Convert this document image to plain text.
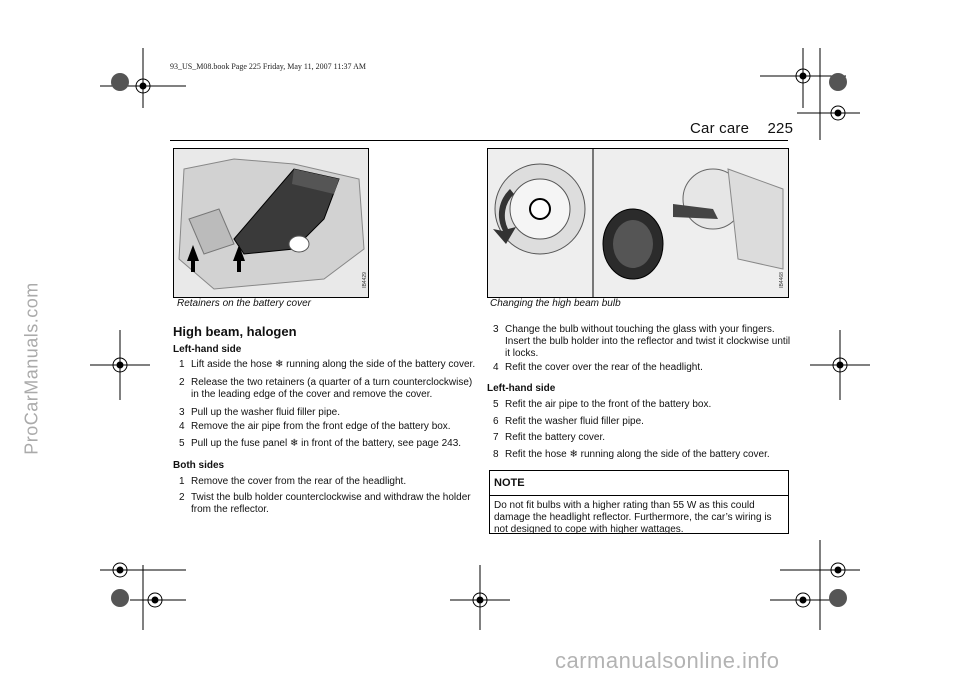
93_US_M08.book Page 225 Friday, May 11, 2007 11:37 AM
Car care 225
IB4429
Retainers on the battery cover
IB4468
Changing the high beam bulb
High beam, halogen
Left-hand side
1 Lift aside the hose ❄ running along the side of the battery cover.
2 Release the two retainers (a quarter of a turn counterclockwise)
in the leading edge of the cover and remove the cover.
3 Pull up the washer fluid filler pipe.
4 Remove the air pipe from the front edge of the battery box.
5 Pull up the fuse panel ❄ in front of the battery, see page 243.
Both sides
1 Remove the cover from the rear of the headlight.
2 Twist the bulb holder counterclockwise and withdraw the holder
from the reflector.
3 Change the bulb without touching the glass with your fingers.
Insert the bulb holder into the reflector and twist it clockwise until
it locks.
4 Refit the cover over the rear of the headlight.
Left-hand side
5 Refit the air pipe to the front of the battery box.
6 Refit the washer fluid filler pipe.
7 Refit the battery cover.
8 Refit the hose ❄ running along the side of the battery cover.
NOTE
Do not fit bulbs with a higher rating than 55 W as this could
damage the headlight reflector. Furthermore, the car’s wiring is
not designed to cope with higher wattages.
ProCarManuals.com
carmanualsonline.info
